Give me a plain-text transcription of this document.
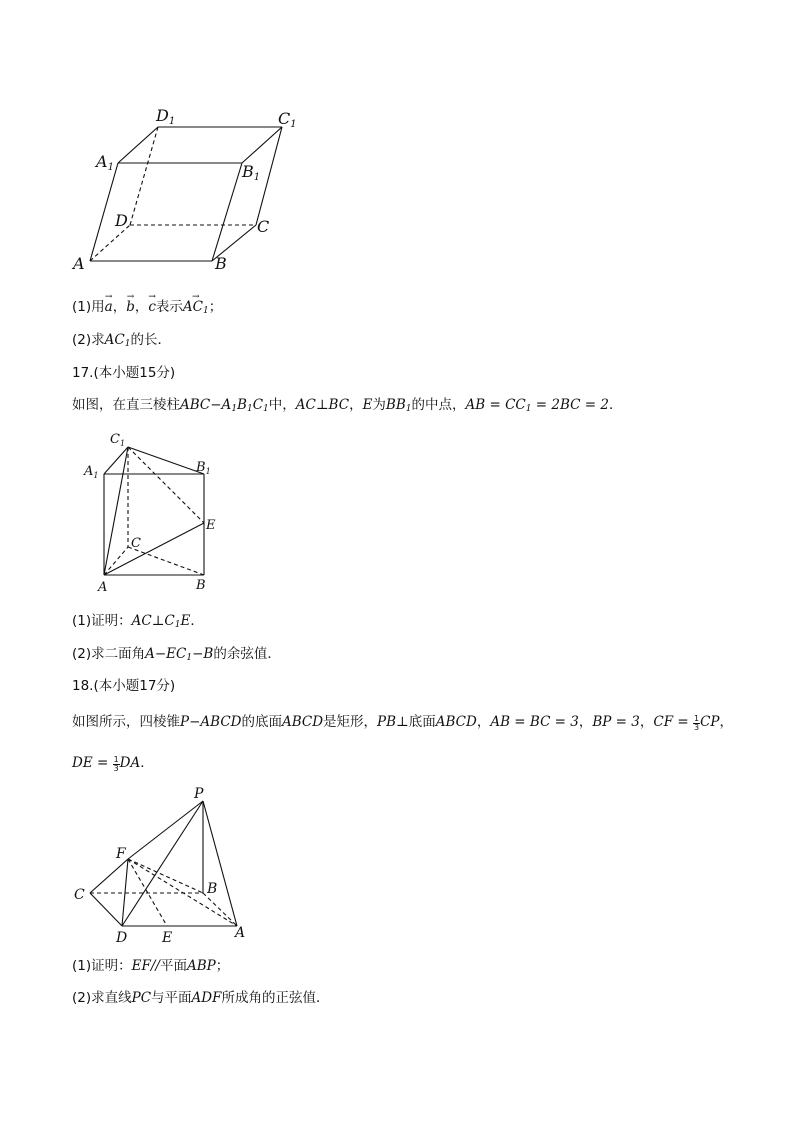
D1	C1
A1	B1
D	C
A	B
(1)用→ a，→ b，→ c表示→ $AC_1$；
(2)求$AC_1$的长．
17.(本小题15分)
如图，在直三棱柱$ABC-A_1B_1C_1$中，AC⊥BC，E为$BB_1$的中点，AB = $CC_1 = 2BC = 2$．
$C_1$
$A_1$
$B_1$
E
C
A	B
(1)证明：$AC\perp C_1E$．
(2)求二面角$A-EC_1-B$的余弦值．
18.(本小题17分)
如图所示，四棱锥P−ABCD的底面ABCD是矩形，PB⊥底面ABCD，AB = BC = 3，BP = 3，CF = $\frac{1}{3}$ CP，
DE = $\frac{1}{3}$ DA．
P
F
C	B
D E	A
(1)证明：EF//平面ABP；
(2)求直线PC与平面ADF所成角的正弦值．
